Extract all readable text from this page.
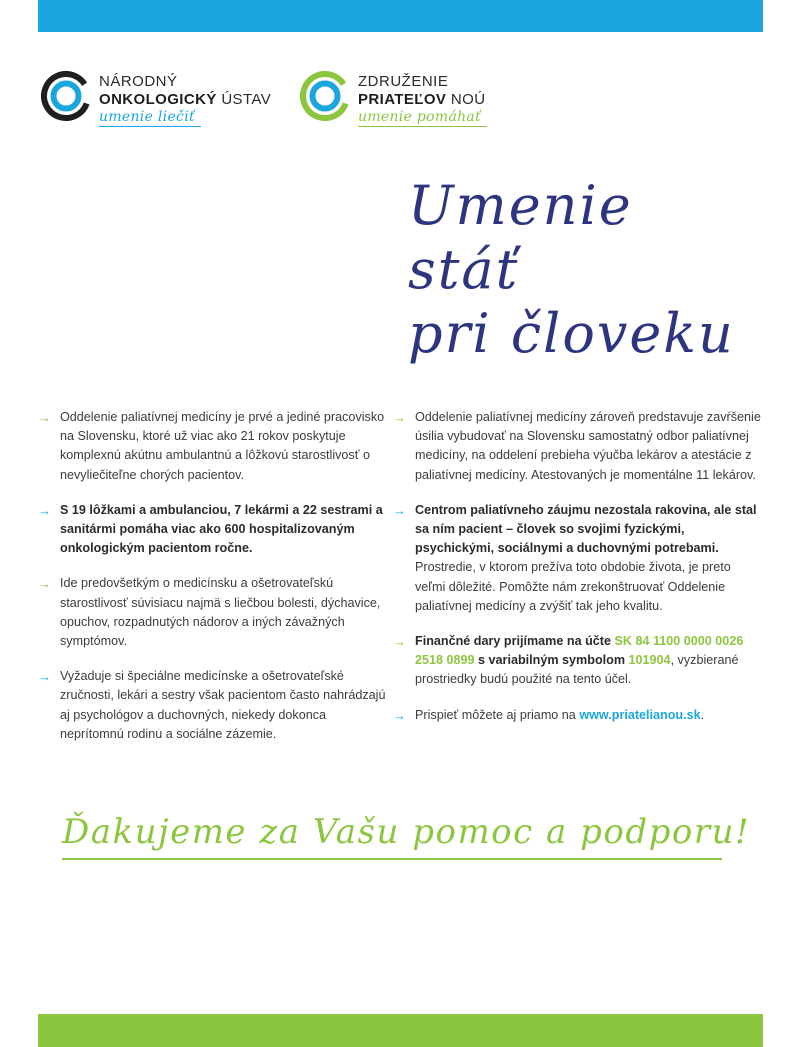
NÁRODNÝ
ONKOLOGICKÝ ÚSTAV
umenie liečiť
ZDRUŽENIE
PRIATEĽOV NOÚ
umenie pomáhať
Umenie
stáť
pri človeku

→ Oddelenie paliatívnej medicíny je prvé a jediné pracovisko na Slovensku, ktoré už viac ako 21 rokov poskytuje komplexnú akútnu ambulantnú a lôžkovú starostlivosť o nevyliečiteľne chorých pacientov.

→ S 19 lôžkami a ambulanciou, 7 lekármi a 22 sestrami a sanitármi pomáha viac ako 600 hospitalizovaným onkologickým pacientom ročne.

→ Ide predovšetkým o medicínsku a ošetrovateľskú starostlivosť súvisiacu najmä s liečbou bolesti, dýchavice, opuchov, rozpadnutých nádorov a iných závažných symptómov.

→ Vyžaduje si špeciálne medicínske a ošetrovateľské zručnosti, lekári a sestry však pacientom často nahrádzajú aj psychológov a duchovných, niekedy dokonca neprítomnú rodinu a sociálne zázemie.

→ Oddelenie paliatívnej medicíny zároveň predstavuje zavŕšenie úsilia vybudovať na Slovensku samostatný odbor paliatívnej medicíny, na oddelení prebieha výučba lekárov a atestácie z paliatívnej medicíny. Atestovaných je momentálne 11 lekárov.

→ Centrom paliatívneho záujmu nezostala rakovina, ale stal sa ním pacient – človek so svojimi fyzickými, psychickými, sociálnymi a duchovnými potrebami. Prostredie, v ktorom prežíva toto obdobie života, je preto veľmi dôležité. Pomôžte nám zrekonštruovať Oddelenie paliatívnej medicíny a zvýšiť tak jeho kvalitu.

→ Finančné dary prijímame na účte SK 84 1100 0000 0026 2518 0899 s variabilným symbolom 101904, vyzbierané prostriedky budú použité na tento účel.

→ Prispieť môžete aj priamo na www.priatelianou.sk.

Ďakujeme za Vašu pomoc a podporu!
